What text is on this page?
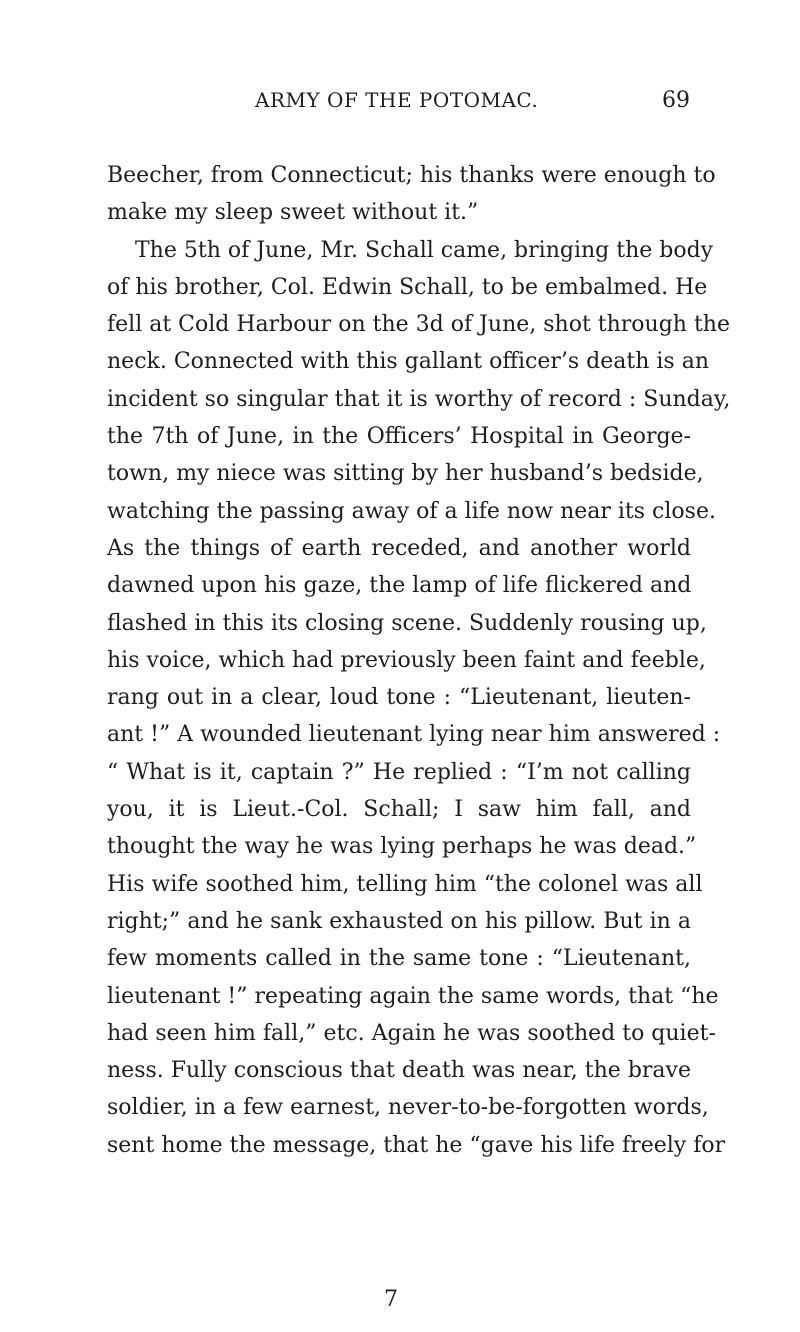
ARMY OF THE POTOMAC.	69
Beecher, from Connecticut; his thanks were enough to
make my sleep sweet without it.”
The 5th of June, Mr. Schall came, bringing the body
of his brother, Col. Edwin Schall, to be embalmed. He
fell at Cold Harbour on the 3d of June, shot through the
neck. Connected with this gallant officer’s death is an
incident so singular that it is worthy of record : Sunday,
the 7th of June, in the Officers’ Hospital in George-
town, my niece was sitting by her husband’s bedside,
watching the passing away of a life now near its close.
As the things of earth receded, and another world
dawned upon his gaze, the lamp of life flickered and
flashed in this its closing scene. Suddenly rousing up,
his voice, which had previously been faint and feeble,
rang out in a clear, loud tone : “Lieutenant, lieuten-
ant !” A wounded lieutenant lying near him answered :
“ What is it, captain ?” He replied : “I’m not calling
you, it is Lieut.-Col. Schall; I saw him fall, and
thought the way he was lying perhaps he was dead.”
His wife soothed him, telling him “the colonel was all
right;” and he sank exhausted on his pillow. But in a
few moments called in the same tone : “Lieutenant,
lieutenant !” repeating again the same words, that “he
had seen him fall,” etc. Again he was soothed to quiet-
ness. Fully conscious that death was near, the brave
soldier, in a few earnest, never-to-be-forgotten words,
sent home the message, that he “gave his life freely for
7
